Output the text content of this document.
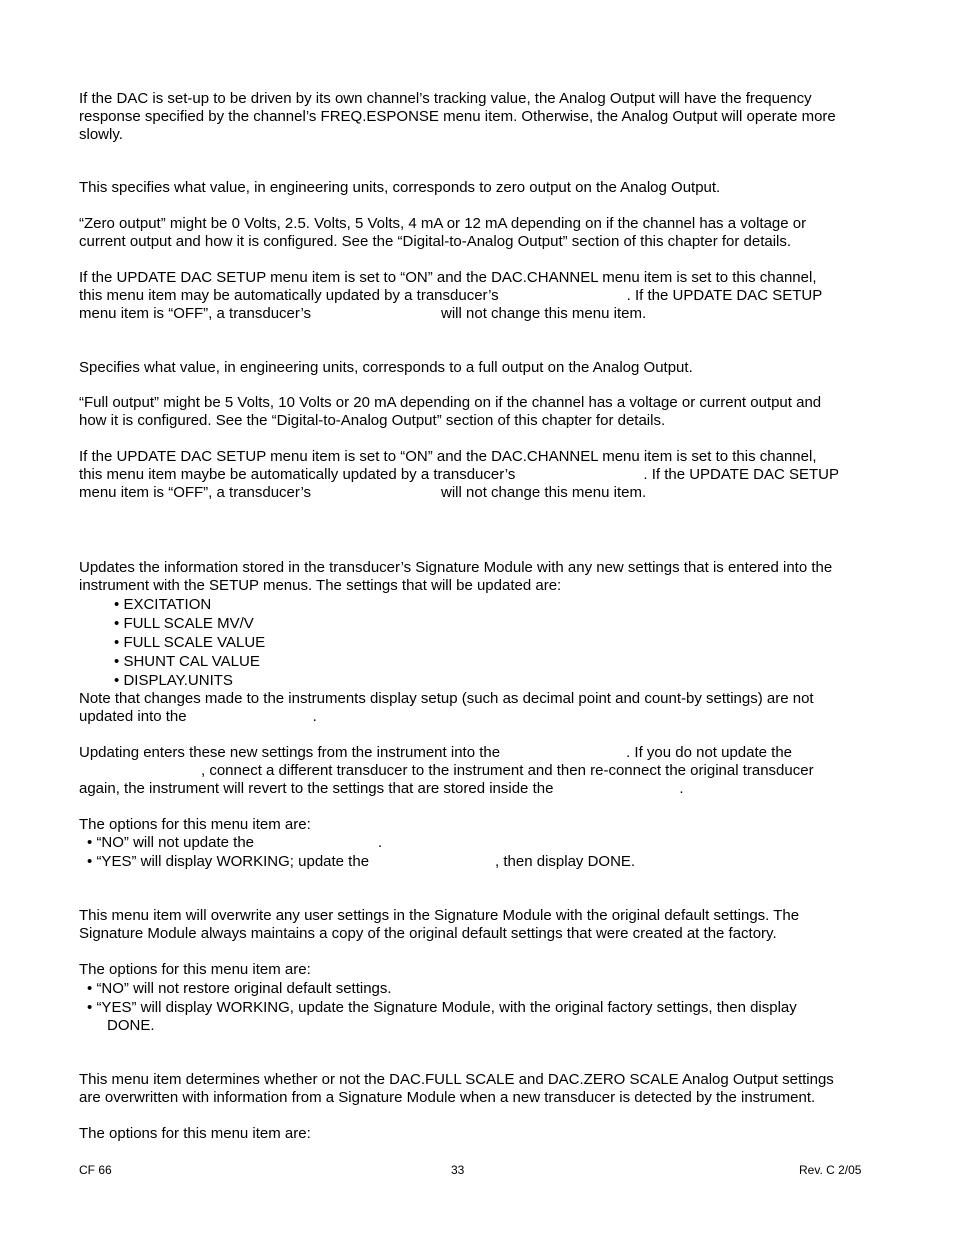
If the DAC is set-up to be driven by its own channel’s tracking value, the Analog Output will have the frequency

response specified by the channel’s FREQ.ESPONSE menu item. Otherwise, the Analog Output will operate more

slowly.

This specifies what value, in engineering units, corresponds to zero output on the Analog Output.

“Zero output” might be 0 Volts, 2.5. Volts, 5 Volts, 4 mA or 12 mA depending on if the channel has a voltage or

current output and how it is configured. See the “Digital-to-Analog Output” section of this chapter for details.

If the UPDATE DAC SETUP menu item is set to “ON” and the DAC.CHANNEL menu item is set to this channel,

this menu item may be automatically updated by a transducer’s	. If the UPDATE DAC SETUP

menu item is “OFF”, a transducer’s	will not change this menu item.

Specifies what value, in engineering units, corresponds to a full output on the Analog Output.

“Full output” might be 5 Volts, 10 Volts or 20 mA depending on if the channel has a voltage or current output and

how it is configured. See the “Digital-to-Analog Output” section of this chapter for details.

If the UPDATE DAC SETUP menu item is set to “ON” and the DAC.CHANNEL menu item is set to this channel,

this menu item maybe be automatically updated by a transducer’s	. If the UPDATE DAC SETUP

menu item is “OFF”, a transducer’s	will not change this menu item.

Updates the information stored in the transducer’s Signature Module with any new settings that is entered into the

instrument with the SETUP menus. The settings that will be updated are:

• EXCITATION

• FULL SCALE MV/V

• FULL SCALE VALUE

• SHUNT CAL VALUE

• DISPLAY.UNITS

Note that changes made to the instruments display setup (such as decimal point and count-by settings) are not

updated into the	.

Updating enters these new settings from the instrument into the	. If you do not update the

, connect a different transducer to the instrument and then re-connect the original transducer

again, the instrument will revert to the settings that are stored inside the	.

The options for this menu item are:

• “NO” will not update the	.

• “YES” will display WORKING; update the	, then display DONE.

This menu item will overwrite any user settings in the Signature Module with the original default settings. The

Signature Module always maintains a copy of the original default settings that were created at the factory.

The options for this menu item are:

• “NO” will not restore original default settings.

• “YES” will display WORKING, update the Signature Module, with the original factory settings, then display

DONE.

This menu item determines whether or not the DAC.FULL SCALE and DAC.ZERO SCALE Analog Output settings

are overwritten with information from a Signature Module when a new transducer is detected by the instrument.

The options for this menu item are:

CF 66	33	Rev. C 2/05
